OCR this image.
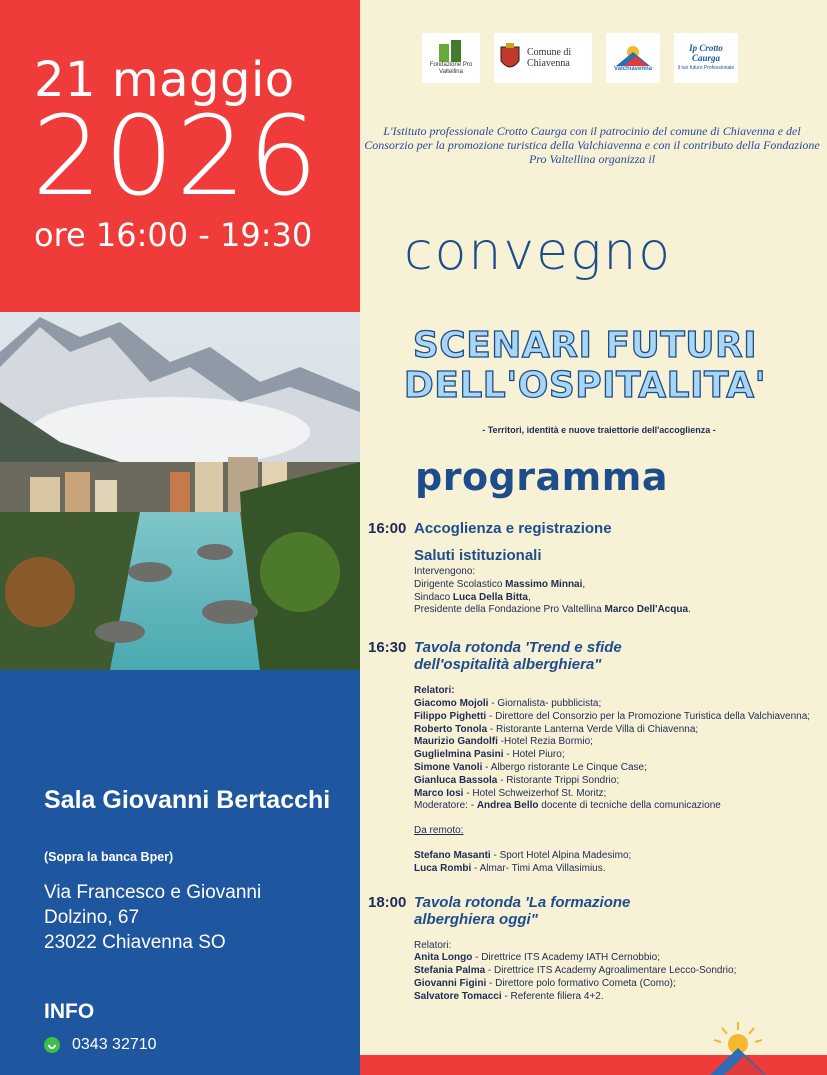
21 maggio
2026
ore 16:00 - 19:30
Sala Giovanni Bertacchi
(Sopra la banca Bper)
Via Francesco e Giovanni
Dolzino, 67
23022 Chiavenna SO
INFO
0343 32710
Fondazione Pro Valtellina
Comune di Chiavenna	Valchiavenna
Ip Crotto Caurga
il tuo futuro Professionale
L'Istituto professionale Crotto Caurga con il patrocinio del comune di Chiavenna e del Consorzio per la promozione turistica della Valchiavenna e con il contributo della Fondazione Pro Valtellina organizza il
convegno
SCENARI FUTURI
DELL'OSPITALITA'
- Territori, identità e nuove traiettorie dell'accoglienza -
programma
16:00 Accoglienza e registrazione
Saluti istituzionali
Intervengono:
Dirigente Scolastico Massimo Minnai,
Sindaco Luca Della Bitta,
Presidente della Fondazione Pro Valtellina Marco Dell'Acqua.
16:30 Tavola rotonda 'Trend e sfide
dell'ospitalità alberghiera"
Relatori:
Giacomo Mojoli - Giornalista- pubblicista;
Filippo Pighetti - Direttore del Consorzio per la Promozione Turistica della Valchiavenna;
Roberto Tonola - Ristorante Lanterna Verde Villa di Chiavenna;
Maurizio Gandolfi -Hotel Rezia Bormio;
Guglielmina Pasini - Hotel Piuro;
Simone Vanoli - Albergo ristorante Le Cinque Case;
Gianluca Bassola - Ristorante Trippi Sondrio;
Marco Iosi - Hotel Schweizerhof St. Moritz;
Moderatore: - Andrea Bello docente di tecniche della comunicazione
Da remoto:
Stefano Masanti - Sport Hotel Alpina Madesimo;
Luca Rombi - Almar- Timi Ama Villasimius.
18:00 Tavola rotonda 'La formazione
alberghiera oggi"
Relatori:
Anita Longo - Direttrice ITS Academy IATH Cernobbio;
Stefania Palma - Direttrice ITS Academy Agroalimentare Lecco-Sondrio;
Giovanni Figini - Direttore polo formativo Cometa (Como);
Salvatore Tomacci - Referente filiera 4+2.
